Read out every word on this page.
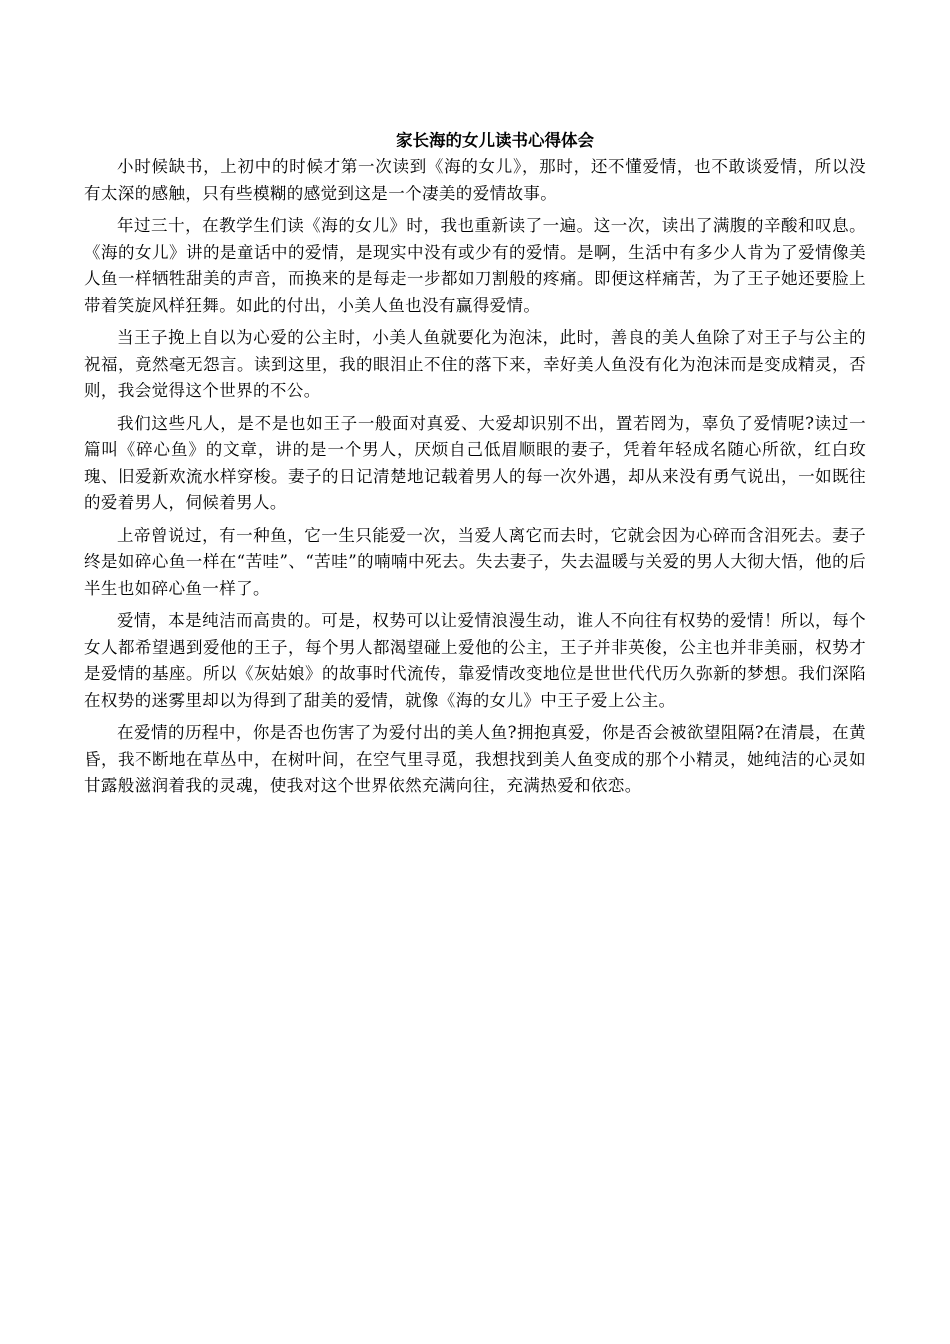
家长海的女儿读书心得体会

小时候缺书，上初中的时候才第一次读到《海的女儿》，那时，还不懂爱情，也不敢谈爱情，所以没有太深的感触，只有些模糊的感觉到这是一个凄美的爱情故事。

年过三十，在教学生们读《海的女儿》时，我也重新读了一遍。这一次，读出了满腹的辛酸和叹息。《海的女儿》讲的是童话中的爱情，是现实中没有或少有的爱情。是啊，生活中有多少人肯为了爱情像美人鱼一样牺牲甜美的声音，而换来的是每走一步都如刀割般的疼痛。即便这样痛苦，为了王子她还要脸上带着笑旋风样狂舞。如此的付出，小美人鱼也没有赢得爱情。

当王子挽上自以为心爱的公主时，小美人鱼就要化为泡沫，此时，善良的美人鱼除了对王子与公主的祝福，竟然毫无怨言。读到这里，我的眼泪止不住的落下来，幸好美人鱼没有化为泡沫而是变成精灵，否则，我会觉得这个世界的不公。

我们这些凡人，是不是也如王子一般面对真爱、大爱却识别不出，置若罔为，辜负了爱情呢?读过一篇叫《碎心鱼》的文章，讲的是一个男人，厌烦自己低眉顺眼的妻子，凭着年轻成名随心所欲，红白玫瑰、旧爱新欢流水样穿梭。妻子的日记清楚地记载着男人的每一次外遇，却从来没有勇气说出，一如既往的爱着男人，伺候着男人。

上帝曾说过，有一种鱼，它一生只能爱一次，当爱人离它而去时，它就会因为心碎而含泪死去。妻子终是如碎心鱼一样在“苦哇”、“苦哇”的喃喃中死去。失去妻子，失去温暖与关爱的男人大彻大悟，他的后半生也如碎心鱼一样了。

爱情，本是纯洁而高贵的。可是，权势可以让爱情浪漫生动，谁人不向往有权势的爱情！所以，每个女人都希望遇到爱他的王子，每个男人都渴望碰上爱他的公主，王子并非英俊，公主也并非美丽，权势才是爱情的基座。所以《灰姑娘》的故事时代流传，靠爱情改变地位是世世代代历久弥新的梦想。我们深陷在权势的迷雾里却以为得到了甜美的爱情，就像《海的女儿》中王子爱上公主。

在爱情的历程中，你是否也伤害了为爱付出的美人鱼?拥抱真爱，你是否会被欲望阻隔?在清晨，在黄昏，我不断地在草丛中，在树叶间，在空气里寻觅，我想找到美人鱼变成的那个小精灵，她纯洁的心灵如甘露般滋润着我的灵魂，使我对这个世界依然充满向往，充满热爱和依恋。
